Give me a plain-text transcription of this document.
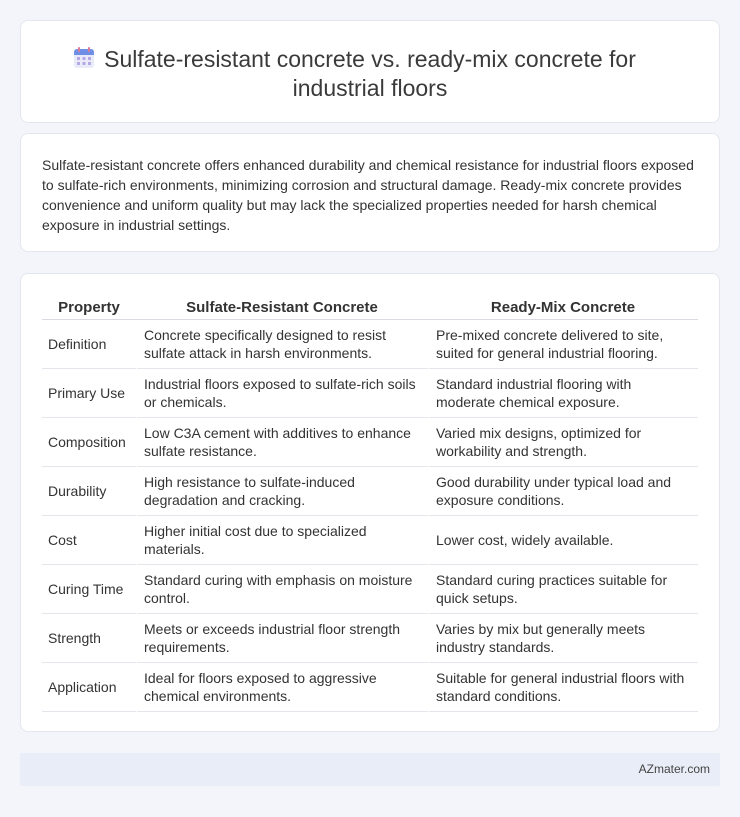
Sulfate-resistant concrete vs. ready-mix concrete for
industrial floors

Sulfate-resistant concrete offers enhanced durability and chemical resistance for industrial floors exposed to sulfate-rich environments, minimizing corrosion and structural damage. Ready-mix concrete provides convenience and uniform quality but may lack the specialized properties needed for harsh chemical exposure in industrial settings.

Property	Sulfate-Resistant Concrete	Ready-Mix Concrete
Definition	Concrete specifically designed to resist sulfate attack in harsh environments.	Pre-mixed concrete delivered to site, suited for general industrial flooring.
Primary Use	Industrial floors exposed to sulfate-rich soils or chemicals.	Standard industrial flooring with moderate chemical exposure.
Composition	Low C3A cement with additives to enhance sulfate resistance.	Varied mix designs, optimized for workability and strength.
Durability	High resistance to sulfate-induced degradation and cracking.	Good durability under typical load and exposure conditions.
Cost	Higher initial cost due to specialized materials.	Lower cost, widely available.
Curing Time	Standard curing with emphasis on moisture control.	Standard curing practices suitable for quick setups.
Strength	Meets or exceeds industrial floor strength requirements.	Varies by mix but generally meets industry standards.
Application	Ideal for floors exposed to aggressive chemical environments.	Suitable for general industrial floors with standard conditions.
AZmater.com
